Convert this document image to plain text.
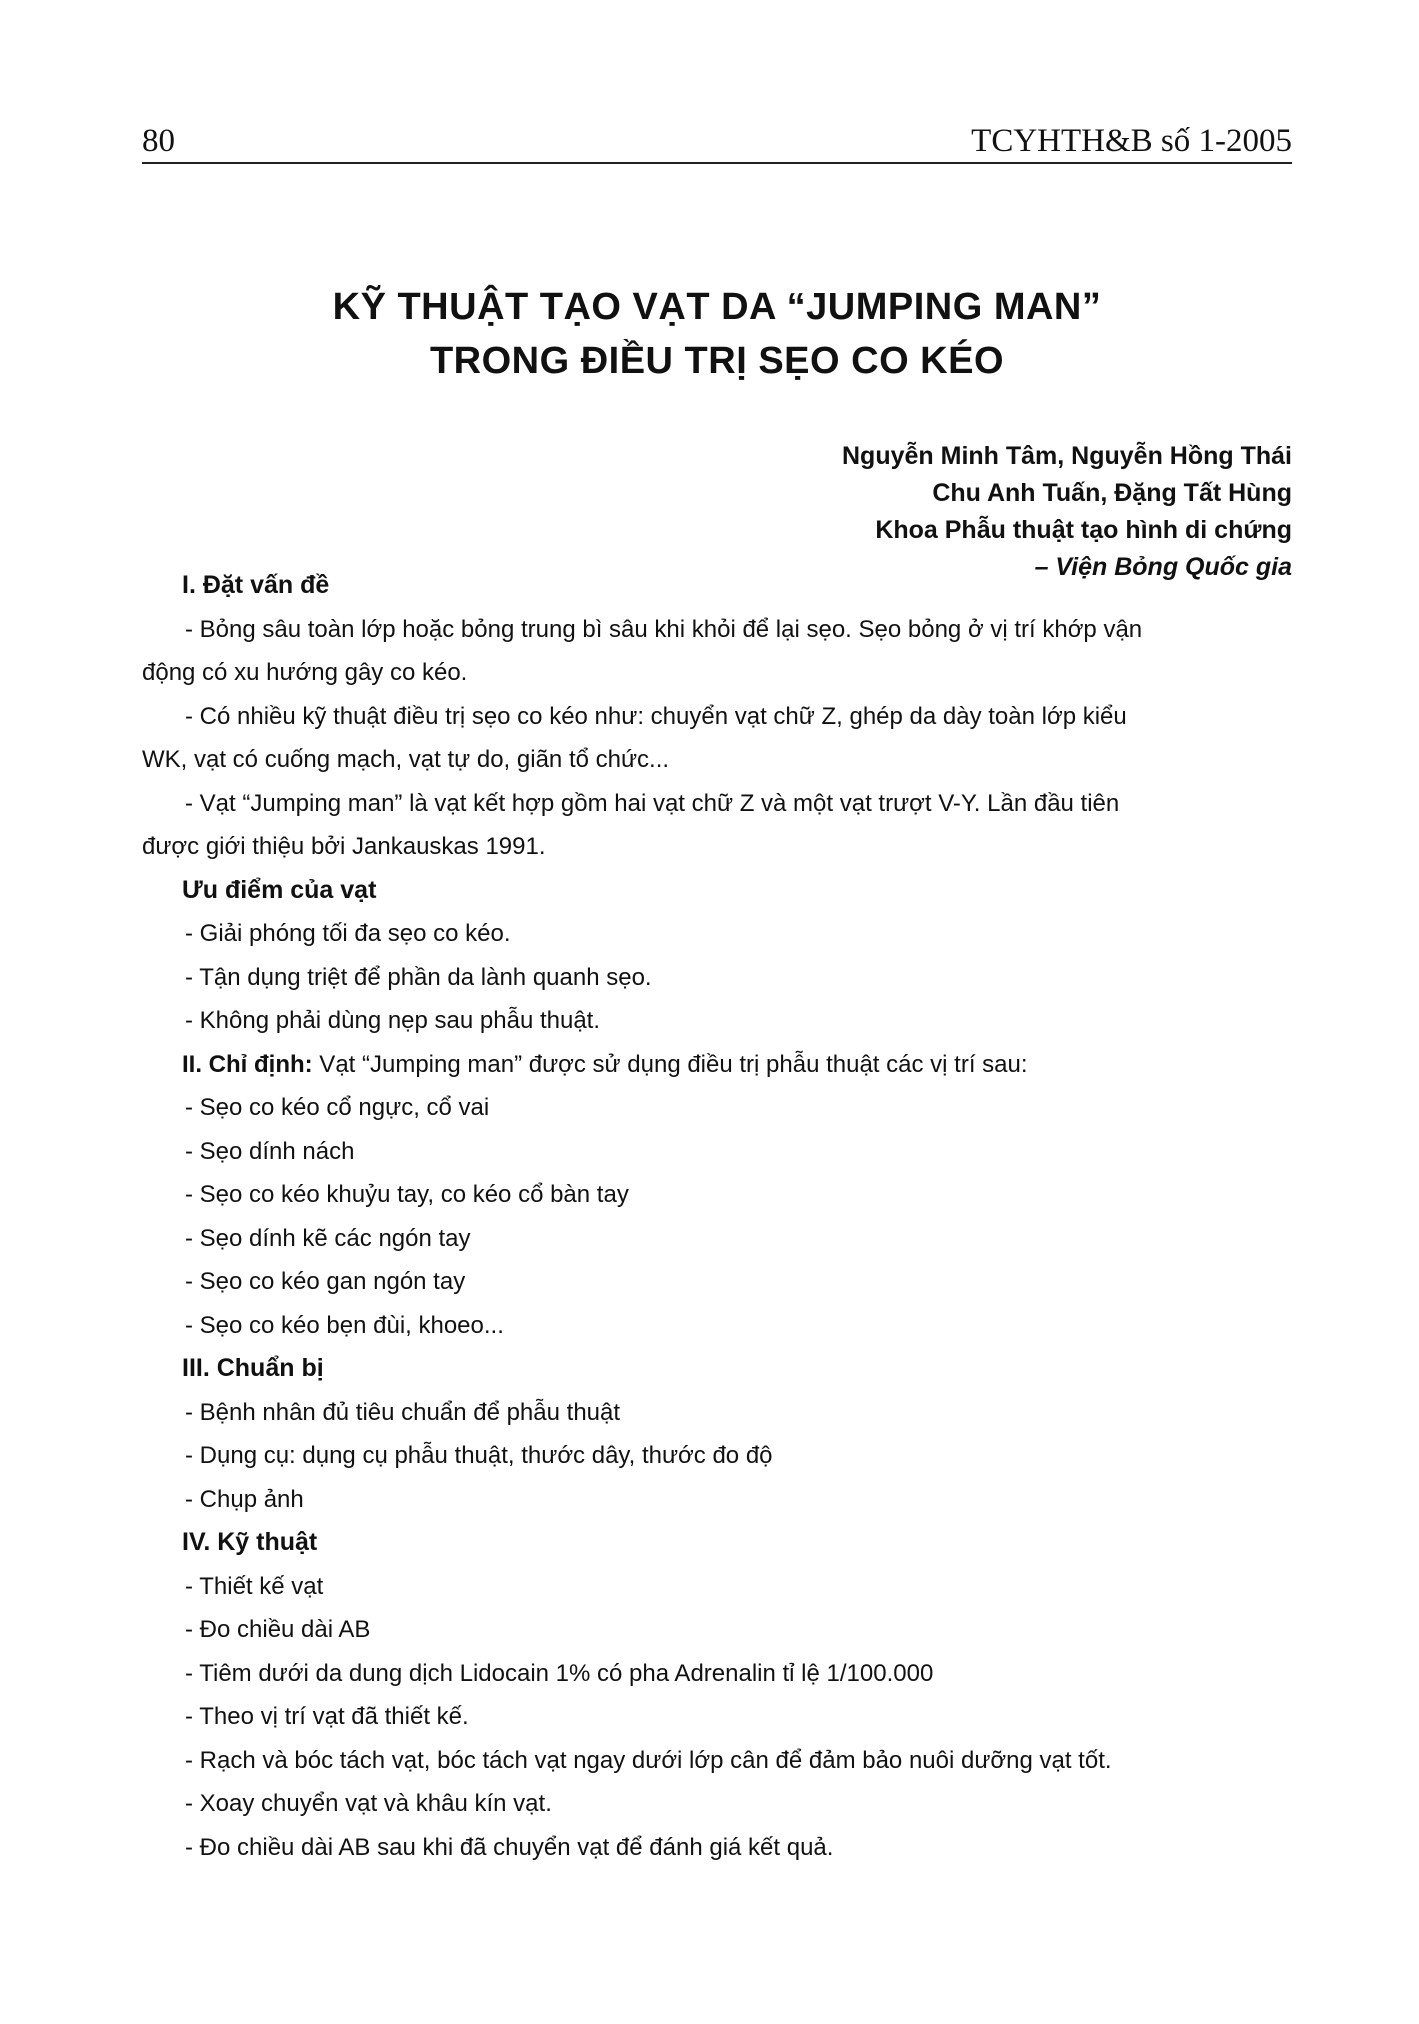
80	TCYHTH&B số 1-2005
KỸ THUẬT TẠO VẠT DA “JUMPING MAN”
TRONG ĐIỀU TRỊ SẸO CO KÉO
Nguyễn Minh Tâm, Nguyễn Hồng Thái
Chu Anh Tuấn, Đặng Tất Hùng
Khoa Phẫu thuật tạo hình di chứng
– Viện Bỏng Quốc gia
I. Đặt vấn đề
- Bỏng sâu toàn lớp hoặc bỏng trung bì sâu khi khỏi để lại sẹo. Sẹo bỏng ở vị trí khớp vận
động có xu hướng gây co kéo.
- Có nhiều kỹ thuật điều trị sẹo co kéo như: chuyển vạt chữ Z, ghép da dày toàn lớp kiểu
WK, vạt có cuống mạch, vạt tự do, giãn tổ chức...
- Vạt “Jumping man” là vạt kết hợp gồm hai vạt chữ Z và một vạt trượt V-Y. Lần đầu tiên
được giới thiệu bởi Jankauskas 1991.
Ưu điểm của vạt
- Giải phóng tối đa sẹo co kéo.
- Tận dụng triệt để phần da lành quanh sẹo.
- Không phải dùng nẹp sau phẫu thuật.
II. Chỉ định: Vạt “Jumping man” được sử dụng điều trị phẫu thuật các vị trí sau:
- Sẹo co kéo cổ ngực, cổ vai
- Sẹo dính nách
- Sẹo co kéo khuỷu tay, co kéo cổ bàn tay
- Sẹo dính kẽ các ngón tay
- Sẹo co kéo gan ngón tay
- Sẹo co kéo bẹn đùi, khoeo...
III. Chuẩn bị
- Bệnh nhân đủ tiêu chuẩn để phẫu thuật
- Dụng cụ: dụng cụ phẫu thuật, thước dây, thước đo độ
- Chụp ảnh
IV. Kỹ thuật
- Thiết kế vạt
- Đo chiều dài AB
- Tiêm dưới da dung dịch Lidocain 1% có pha Adrenalin tỉ lệ 1/100.000
- Theo vị trí vạt đã thiết kế.
- Rạch và bóc tách vạt, bóc tách vạt ngay dưới lớp cân để đảm bảo nuôi dưỡng vạt tốt.
- Xoay chuyển vạt và khâu kín vạt.
- Đo chiều dài AB sau khi đã chuyển vạt để đánh giá kết quả.
